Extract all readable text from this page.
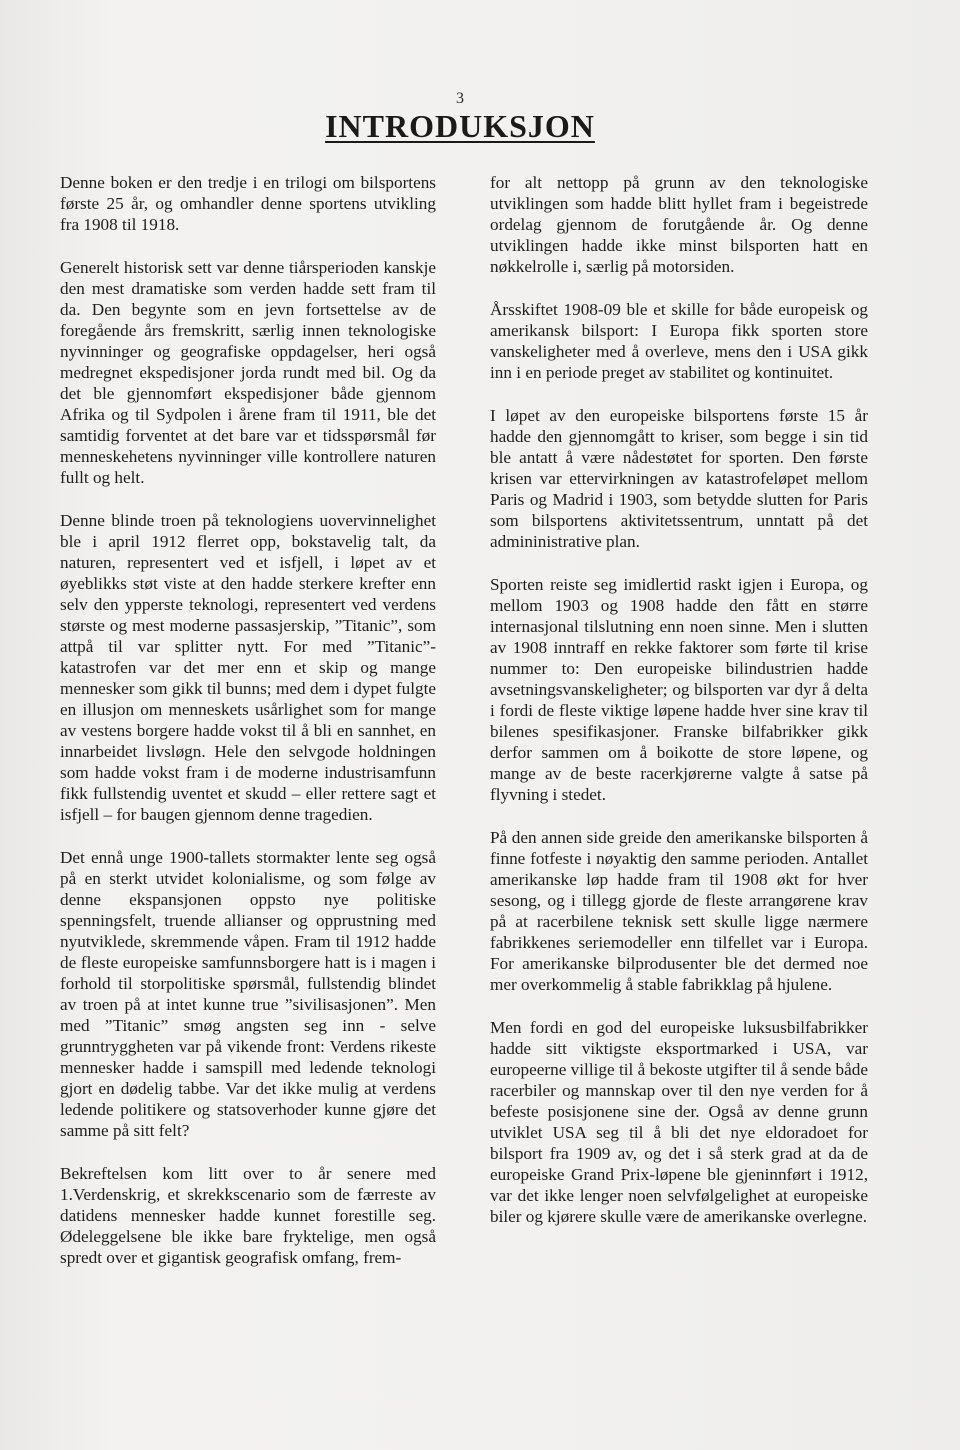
3
INTRODUKSJON

Denne boken er den tredje i en trilogi om bilsportens første 25 år, og omhandler denne sportens utvikling fra 1908 til 1918.

Generelt historisk sett var denne tiårsperioden kanskje den mest dramatiske som verden hadde sett fram til da. Den begynte som en jevn fortsettelse av de foregående års fremskritt, særlig innen teknologiske nyvinninger og geografiske oppdagelser, heri også medregnet ekspedisjoner jorda rundt med bil. Og da det ble gjennomført ekspedisjoner både gjennom Afrika og til Sydpolen i årene fram til 1911, ble det samtidig forventet at det bare var et tidsspørsmål før menneskehetens nyvinninger ville kontrollere naturen fullt og helt.

Denne blinde troen på teknologiens uovervinnelighet ble i april 1912 flerret opp, bokstavelig talt, da naturen, representert ved et isfjell, i løpet av et øyeblikks støt viste at den hadde sterkere krefter enn selv den ypperste teknologi, representert ved verdens største og mest moderne passasjerskip, ”Titanic”, som attpå til var splitter nytt. For med ”Titanic”-katastrofen var det mer enn et skip og mange mennesker som gikk til bunns; med dem i dypet fulgte en illusjon om menneskets usårlighet som for mange av vestens borgere hadde vokst til å bli en sannhet, en innarbeidet livsløgn. Hele den selvgode holdningen som hadde vokst fram i de moderne industrisamfunn fikk fullstendig uventet et skudd – eller rettere sagt et isfjell – for baugen gjennom denne tragedien.

Det ennå unge 1900-tallets stormakter lente seg også på en sterkt utvidet kolonialisme, og som følge av denne ekspansjonen oppsto nye politiske spenningsfelt, truende allianser og opprustning med nyutviklede, skremmende våpen. Fram til 1912 hadde de fleste europeiske samfunnsborgere hatt is i magen i forhold til storpolitiske spørsmål, fullstendig blindet av troen på at intet kunne true ”sivilisasjonen”. Men med ”Titanic” smøg angsten seg inn - selve grunntryggheten var på vikende front: Verdens rikeste mennesker hadde i samspill med ledende teknologi gjort en dødelig tabbe. Var det ikke mulig at verdens ledende politikere og statsoverhoder kunne gjøre det samme på sitt felt?

Bekreftelsen kom litt over to år senere med 1.Verdenskrig, et skrekkscenario som de færreste av datidens mennesker hadde kunnet forestille seg. Ødeleggelsene ble ikke bare fryktelige, men også spredt over et gigantisk geografisk omfang, frem-

for alt nettopp på grunn av den teknologiske utviklingen som hadde blitt hyllet fram i begeistrede ordelag gjennom de forutgående år. Og denne utviklingen hadde ikke minst bilsporten hatt en nøkkelrolle i, særlig på motorsiden.

Årsskiftet 1908-09 ble et skille for både europeisk og amerikansk bilsport: I Europa fikk sporten store vanskeligheter med å overleve, mens den i USA gikk inn i en periode preget av stabilitet og kontinuitet.

I løpet av den europeiske bilsportens første 15 år hadde den gjennomgått to kriser, som begge i sin tid ble antatt å være nådestøtet for sporten. Den første krisen var ettervirkningen av katastrofeløpet mellom Paris og Madrid i 1903, som betydde slutten for Paris som bilsportens aktivitetssentrum, unntatt på det admininistrative plan.

Sporten reiste seg imidlertid raskt igjen i Europa, og mellom 1903 og 1908 hadde den fått en større internasjonal tilslutning enn noen sinne. Men i slutten av 1908 inntraff en rekke faktorer som førte til krise nummer to: Den europeiske bilindustrien hadde avsetningsvanskeligheter; og bilsporten var dyr å delta i fordi de fleste viktige løpene hadde hver sine krav til bilenes spesifikasjoner. Franske bilfabrikker gikk derfor sammen om å boikotte de store løpene, og mange av de beste racerkjørerne valgte å satse på flyvning i stedet.

På den annen side greide den amerikanske bilsporten å finne fotfeste i nøyaktig den samme perioden. Antallet amerikanske løp hadde fram til 1908 økt for hver sesong, og i tillegg gjorde de fleste arrangørene krav på at racerbilene teknisk sett skulle ligge nærmere fabrikkenes seriemodeller enn tilfellet var i Europa. For amerikanske bilprodusenter ble det dermed noe mer overkommelig å stable fabrikklag på hjulene.

Men fordi en god del europeiske luksusbilfabrikker hadde sitt viktigste eksportmarked i USA, var europeerne villige til å bekoste utgifter til å sende både racerbiler og mannskap over til den nye verden for å befeste posisjonene sine der. Også av denne grunn utviklet USA seg til å bli det nye eldoradoet for bilsport fra 1909 av, og det i så sterk grad at da de europeiske Grand Prix-løpene ble gjeninnført i 1912, var det ikke lenger noen selvfølgelighet at europeiske biler og kjørere skulle være de amerikanske overlegne.
